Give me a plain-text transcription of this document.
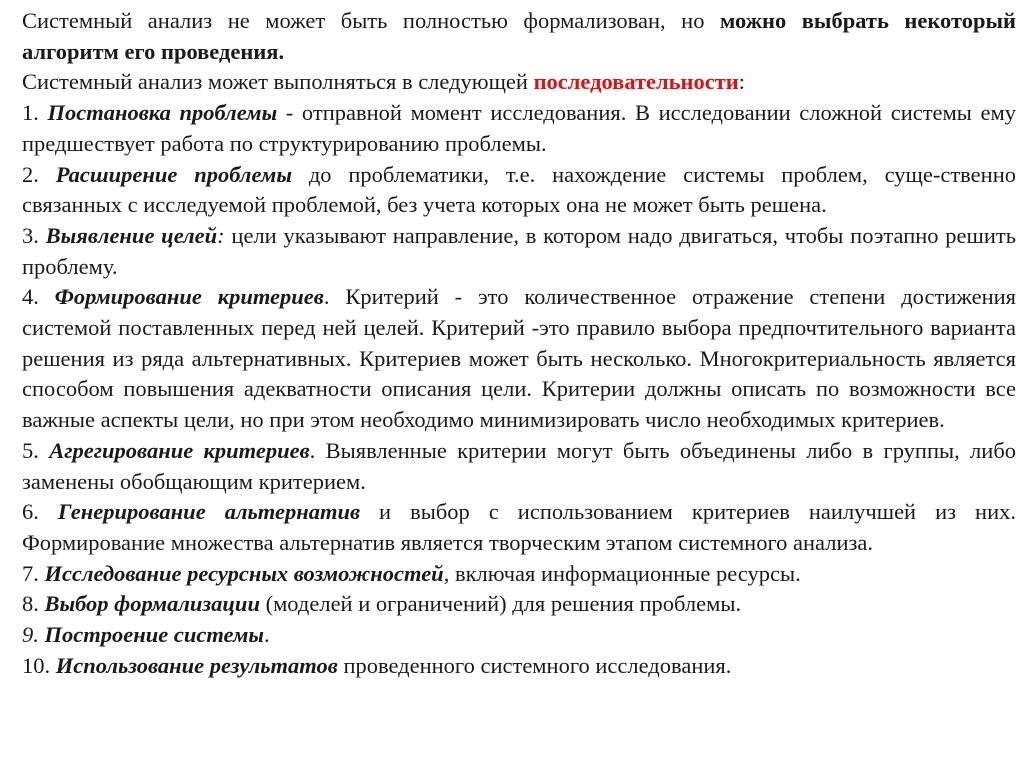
Системный анализ не может быть полностью формализован, но можно выбрать некоторый алгоритм его проведения.

Системный анализ может выполняться в следующей последовательности:

1. Постановка проблемы - отправной момент исследования. В исследовании сложной системы ему предшествует работа по структурированию проблемы.

2. Расширение проблемы до проблематики, т.е. нахождение системы проблем, суще-ственно связанных с исследуемой проблемой, без учета которых она не может быть решена.

3. Выявление целей: цели указывают направление, в котором надо двигаться, чтобы поэтапно решить проблему.

4. Формирование критериев. Критерий - это количественное отражение степени достижения системой поставленных перед ней целей. Критерий -это правило выбора предпочтительного варианта решения из ряда альтернативных. Критериев может быть несколько. Многокритериальность является способом повышения адекватности описания цели. Критерии должны описать по возможности все важные аспекты цели, но при этом необходимо минимизировать число необходимых критериев.

5. Агрегирование критериев. Выявленные критерии могут быть объединены либо в группы, либо заменены обобщающим критерием.

6. Генерирование альтернатив и выбор с использованием критериев наилучшей из них. Формирование множества альтернатив является творческим этапом системного анализа.

7. Исследование ресурсных возможностей, включая информационные ресурсы.

8. Выбор формализации (моделей и ограничений) для решения проблемы.

9. Построение системы.

10. Использование результатов проведенного системного исследования.
